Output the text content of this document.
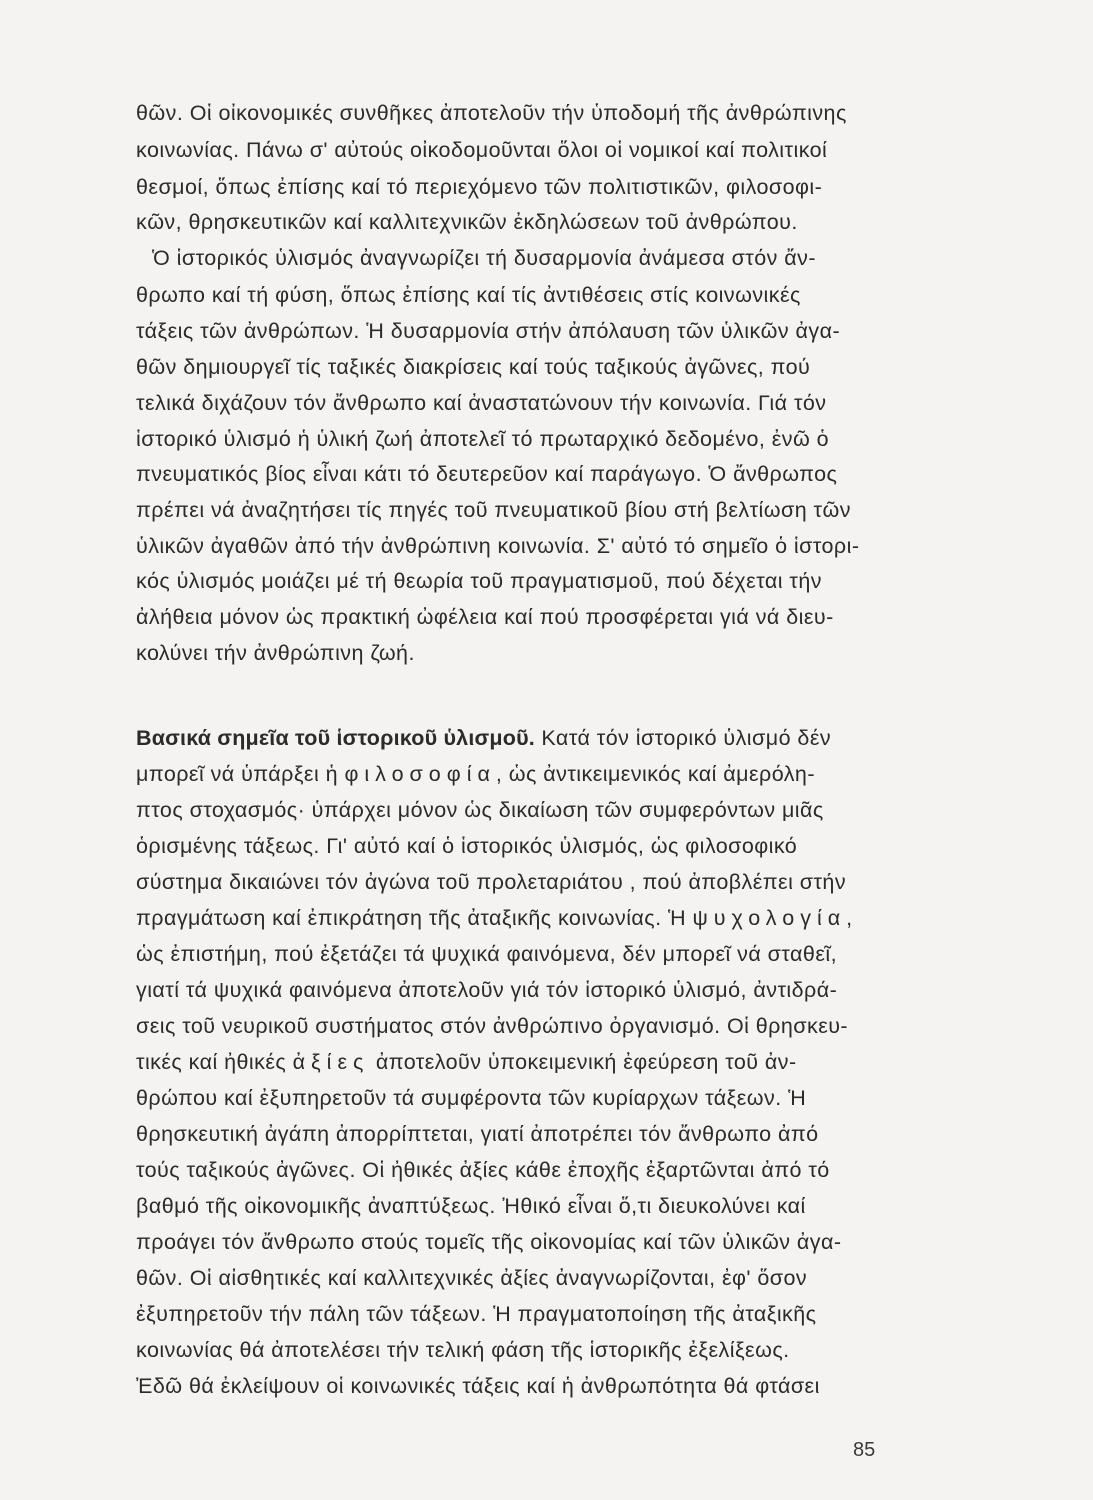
θῶν. Οἱ οἰκονομικές συνθῆκες ἀποτελοῦν τήν ὑποδομή τῆς ἀνθρώπινης
κοινωνίας. Πάνω σ' αὐτούς οἰκοδομοῦνται ὅλοι οἱ νομικοί καί πολιτικοί
θεσμοί, ὅπως ἐπίσης καί τό περιεχόμενο τῶν πολιτιστικῶν, φιλοσοφι-
κῶν, θρησκευτικῶν καί καλλιτεχνικῶν ἐκδηλώσεων τοῦ ἀνθρώπου.
Ὁ ἱστορικός ὑλισμός ἀναγνωρίζει τή δυσαρμονία ἀνάμεσα στόν ἄν-
θρωπο καί τή φύση, ὅπως ἐπίσης καί τίς ἀντιθέσεις στίς κοινωνικές
τάξεις τῶν ἀνθρώπων. Ἡ δυσαρμονία στήν ἀπόλαυση τῶν ὑλικῶν ἀγα-
θῶν δημιουργεῖ τίς ταξικές διακρίσεις καί τούς ταξικούς ἀγῶνες, πού
τελικά διχάζουν τόν ἄνθρωπο καί ἀναστατώνουν τήν κοινωνία. Γιά τόν
ἱστορικό ὑλισμό ἡ ὑλική ζωή ἀποτελεῖ τό πρωταρχικό δεδομένο, ἐνῶ ὁ
πνευματικός βίος εἶναι κάτι τό δευτερεῦον καί παράγωγο. Ὁ ἄνθρωπος
πρέπει νά ἀναζητήσει τίς πηγές τοῦ πνευματικοῦ βίου στή βελτίωση τῶν
ὑλικῶν ἀγαθῶν ἀπό τήν ἀνθρώπινη κοινωνία. Σ' αὐτό τό σημεῖο ὁ ἱστορι-
κός ὑλισμός μοιάζει μέ τή θεωρία τοῦ πραγματισμοῦ, πού δέχεται τήν
ἀλήθεια μόνον ὡς πρακτική ὠφέλεια καί πού προσφέρεται γιά νά διευ-
κολύνει τήν ἀνθρώπινη ζωή.
Βασικά σημεῖα τοῦ ἱστορικοῦ ὑλισμοῦ. Κατά τόν ἱστορικό ὑλισμό δέν
μπορεῖ νά ὑπάρξει ἡ φιλοσοφία, ὡς ἀντικειμενικός καί ἀμερόλη-
πτος στοχασμός· ὑπάρχει μόνον ὡς δικαίωση τῶν συμφερόντων μιᾶς
ὁρισμένης τάξεως. Γι' αὐτό καί ὁ ἱστορικός ὑλισμός, ὡς φιλοσοφικό
σύστημα δικαιώνει τόν ἀγώνα τοῦ προλεταριάτου , πού ἀποβλέπει στήν
πραγμάτωση καί ἐπικράτηση τῆς ἀταξικῆς κοινωνίας. Ἡ ψυχολογία,
ὡς ἐπιστήμη, πού ἐξετάζει τά ψυχικά φαινόμενα, δέν μπορεῖ νά σταθεῖ,
γιατί τά ψυχικά φαινόμενα ἀποτελοῦν γιά τόν ἱστορικό ὑλισμό, ἀντιδρά-
σεις τοῦ νευρικοῦ συστήματος στόν ἀνθρώπινο ὀργανισμό. Οἱ θρησκευ-
τικές καί ἠθικές ἀξίες ἀποτελοῦν ὑποκειμενική ἐφεύρεση τοῦ ἀν-
θρώπου καί ἐξυπηρετοῦν τά συμφέροντα τῶν κυρίαρχων τάξεων. Ἡ
θρησκευτική ἀγάπη ἀπορρίπτεται, γιατί ἀποτρέπει τόν ἄνθρωπο ἀπό
τούς ταξικούς ἀγῶνες. Οἱ ἠθικές ἀξίες κάθε ἐποχῆς ἐξαρτῶνται ἀπό τό
βαθμό τῆς οἰκονομικῆς ἀναπτύξεως. Ἠθικό εἶναι ὅ,τι διευκολύνει καί
προάγει τόν ἄνθρωπο στούς τομεῖς τῆς οἰκονομίας καί τῶν ὑλικῶν ἀγα-
θῶν. Οἱ αἰσθητικές καί καλλιτεχνικές ἀξίες ἀναγνωρίζονται, ἐφ' ὅσον
ἐξυπηρετοῦν τήν πάλη τῶν τάξεων. Ἡ πραγματοποίηση τῆς ἀταξικῆς
κοινωνίας θά ἀποτελέσει τήν τελική φάση τῆς ἱστορικῆς ἐξελίξεως.
Ἐδῶ θά ἐκλείψουν οἱ κοινωνικές τάξεις καί ἡ ἀνθρωπότητα θά φτάσει
85
